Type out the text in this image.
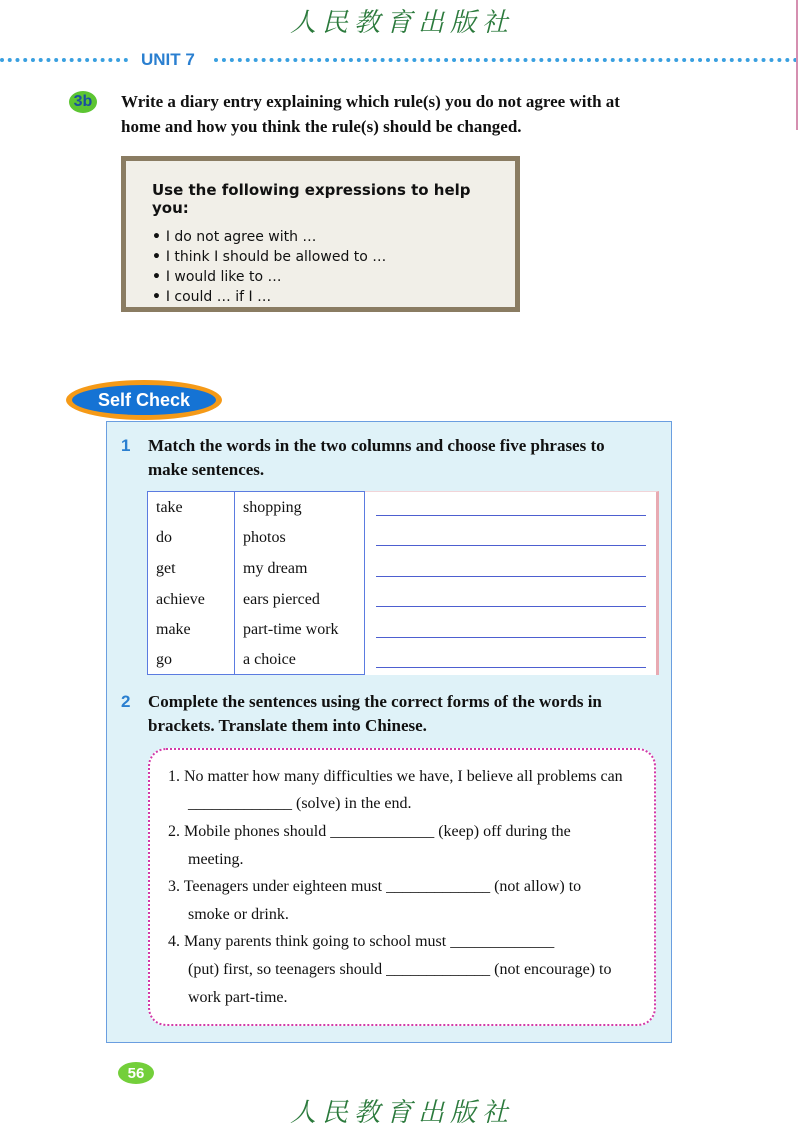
人民教育出版社
UNIT 7
3b Write a diary entry explaining which rule(s) you do not agree with at
home and how you think the rule(s) should be changed.
Use the following expressions to help you:
• I do not agree with …
• I think I should be allowed to …
• I would like to …
• I could … if I …
Self Check
1 Match the words in the two columns and choose five phrases to
make sentences.
take
do
get
achieve
make
go
shopping
photos
my dream
ears pierced
part-time work
a choice
2 Complete the sentences using the correct forms of the words in
brackets. Translate them into Chinese.
1. No matter how many difficulties we have, I believe all problems can
_____________ (solve) in the end.
2. Mobile phones should _____________ (keep) off during the
meeting.
3. Teenagers under eighteen must _____________ (not allow) to
smoke or drink.
4. Many parents think going to school must _____________
(put) first, so teenagers should _____________ (not encourage) to
work part-time.
56
人民教育出版社
